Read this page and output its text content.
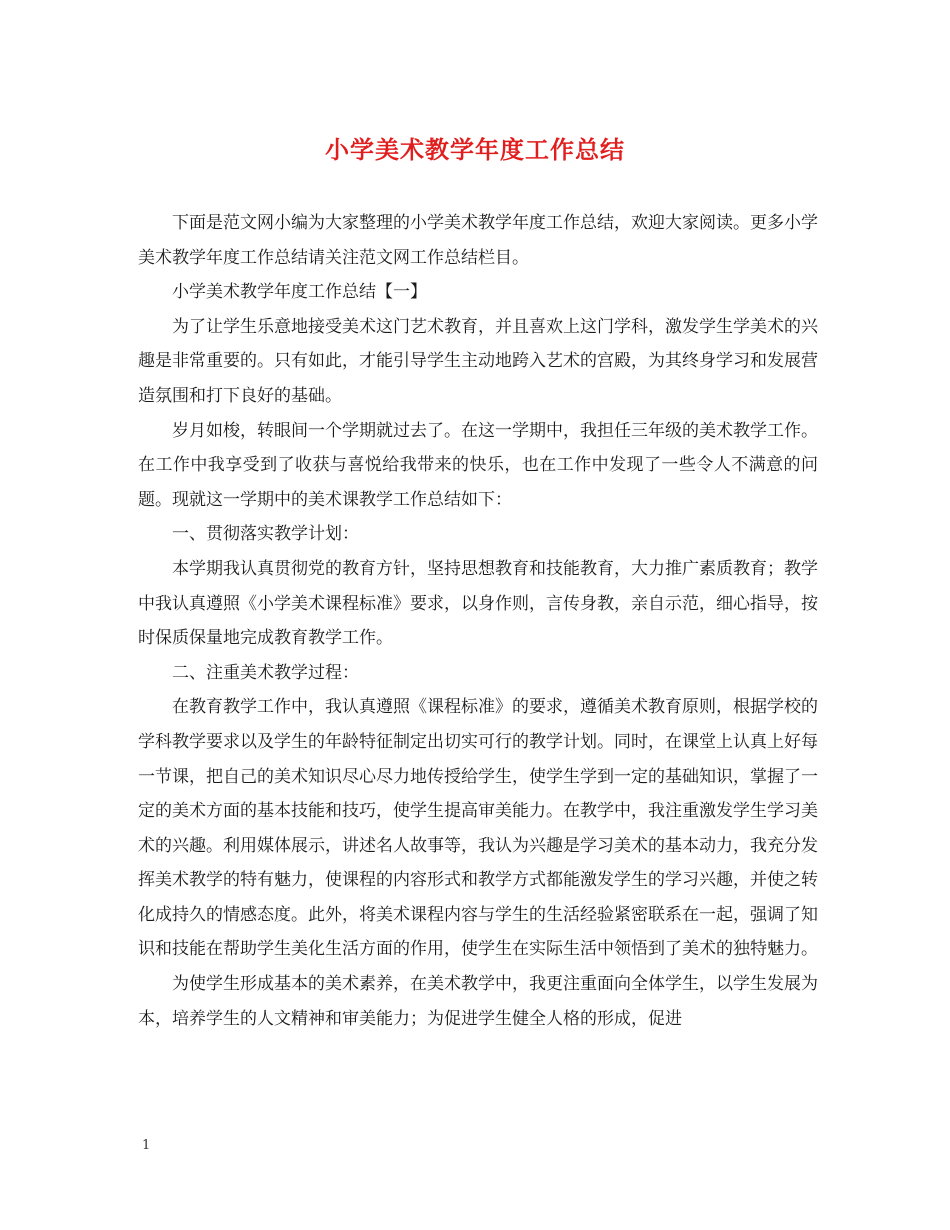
小学美术教学年度工作总结

下面是范文网小编为大家整理的小学美术教学年度工作总结，欢迎大家阅读。更多小学美术教学年度工作总结请关注范文网工作总结栏目。

小学美术教学年度工作总结【一】

为了让学生乐意地接受美术这门艺术教育，并且喜欢上这门学科，激发学生学美术的兴趣是非常重要的。只有如此，才能引导学生主动地跨入艺术的宫殿，为其终身学习和发展营造氛围和打下良好的基础。

岁月如梭，转眼间一个学期就过去了。在这一学期中，我担任三年级的美术教学工作。在工作中我享受到了收获与喜悦给我带来的快乐，也在工作中发现了一些令人不满意的问题。现就这一学期中的美术课教学工作总结如下：

一、贯彻落实教学计划：

本学期我认真贯彻党的教育方针，坚持思想教育和技能教育，大力推广素质教育；教学中我认真遵照《小学美术课程标准》要求，以身作则，言传身教，亲自示范，细心指导，按时保质保量地完成教育教学工作。

二、注重美术教学过程：

在教育教学工作中，我认真遵照《课程标准》的要求，遵循美术教育原则，根据学校的学科教学要求以及学生的年龄特征制定出切实可行的教学计划。同时，在课堂上认真上好每一节课，把自己的美术知识尽心尽力地传授给学生，使学生学到一定的基础知识，掌握了一定的美术方面的基本技能和技巧，使学生提高审美能力。在教学中，我注重激发学生学习美术的兴趣。利用媒体展示，讲述名人故事等，我认为兴趣是学习美术的基本动力，我充分发挥美术教学的特有魅力，使课程的内容形式和教学方式都能激发学生的学习兴趣，并使之转化成持久的情感态度。此外，将美术课程内容与学生的生活经验紧密联系在一起，强调了知识和技能在帮助学生美化生活方面的作用，使学生在实际生活中领悟到了美术的独特魅力。

为使学生形成基本的美术素养，在美术教学中，我更注重面向全体学生，以学生发展为本，培养学生的人文精神和审美能力；为促进学生健全人格的形成，促进

1
